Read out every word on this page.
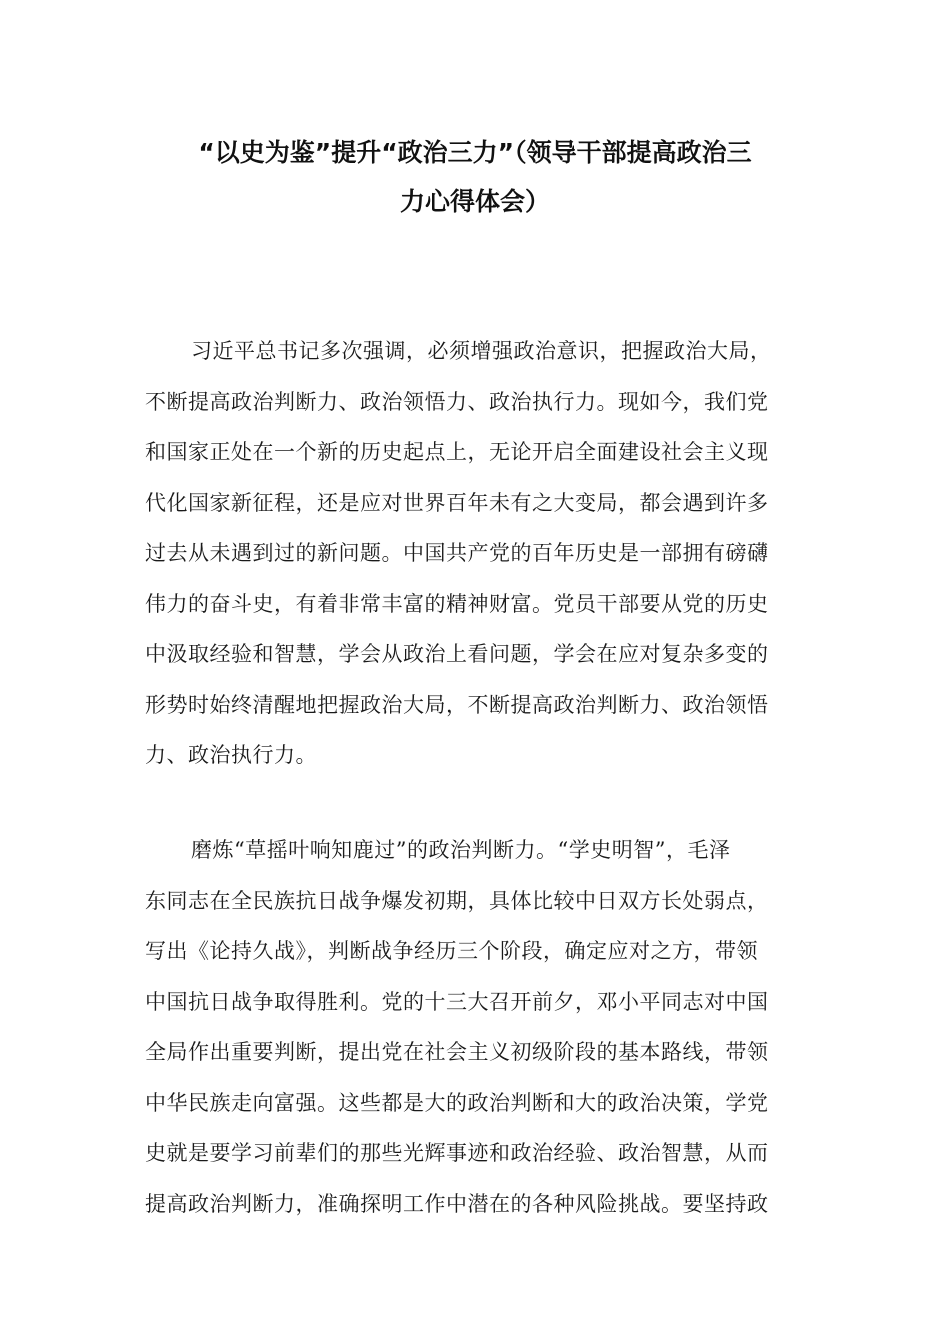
“以史为鉴”提升“政治三力”（领导干部提高政治三
力心得体会）
习近平总书记多次强调，必须增强政治意识，把握政治大局，
不断提高政治判断力、政治领悟力、政治执行力。现如今，我们党
和国家正处在一个新的历史起点上，无论开启全面建设社会主义现
代化国家新征程，还是应对世界百年未有之大变局，都会遇到许多
过去从未遇到过的新问题。中国共产党的百年历史是一部拥有磅礴
伟力的奋斗史，有着非常丰富的精神财富。党员干部要从党的历史
中汲取经验和智慧，学会从政治上看问题，学会在应对复杂多变的
形势时始终清醒地把握政治大局，不断提高政治判断力、政治领悟
力、政治执行力。
磨炼“草摇叶响知鹿过”的政治判断力。“学史明智”，毛泽
东同志在全民族抗日战争爆发初期，具体比较中日双方长处弱点，
写出《论持久战》，判断战争经历三个阶段，确定应对之方，带领
中国抗日战争取得胜利。党的十三大召开前夕，邓小平同志对中国
全局作出重要判断，提出党在社会主义初级阶段的基本路线，带领
中华民族走向富强。这些都是大的政治判断和大的政治决策，学党
史就是要学习前辈们的那些光辉事迹和政治经验、政治智慧，从而
提高政治判断力，准确探明工作中潜在的各种风险挑战。要坚持政
